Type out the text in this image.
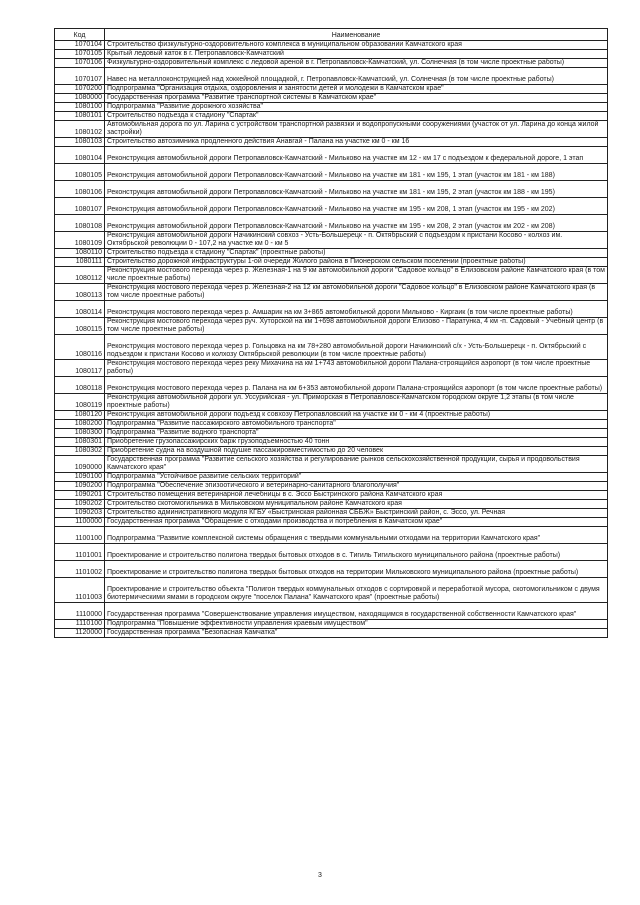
Код	Наименование
1070104	Строительство физкультурно-оздоровительного комплекса в муниципальном образовании Камчатского края
1070105	Крытый ледовый каток в г. Петропавловск-Камчатский
1070106	Физкультурно-оздоровительный комплекс с ледовой ареной в г. Петропавловск-Камчатский, ул. Солнечная (в том числе проектные работы)
1070107	Навес на металлоконструкцией над хоккейной площадкой, г. Петропавловск-Камчатский, ул. Солнечная (в том числе проектные работы)
1070200	Подпрограмма "Организация отдыха, оздоровления и занятости детей и молодежи в Камчатском крае"
1080000	Государственная программа "Развитие транспортной системы в Камчатском крае"
1080100	Подпрограмма "Развитие дорожного хозяйства"
1080101	Строительство подъезда к стадиону "Спартак"
1080102	Автомобильная дорога по ул. Ларина с устройством транспортной развязки и водопропускными сооружениями (участок от ул. Ларина до конца жилой застройки)
1080103	Строительство автозимника продленного действия Анавгай - Палана на участке км 0 - км 16
1080104	Реконструкция автомобильной дороги Петропавловск-Камчатский - Мильково на участке км 12 - км 17 с подъездом к федеральной дороге, 1 этап
1080105	Реконструкция автомобильной дороги Петропавловск-Камчатский - Мильково на участке км 181 - км 195, 1 этап (участок км 181 - км 188)
1080106	Реконструкция автомобильной дороги Петропавловск-Камчатский - Мильково на участке км 181 - км 195, 2 этап (участок км 188 - км 195)
1080107	Реконструкция автомобильной дороги Петропавловск-Камчатский - Мильково на участке км 195 - км 208, 1 этап (участок км 195 - км 202)
1080108	Реконструкция автомобильной дороги Петропавловск-Камчатский - Мильково на участке км 195 - км 208, 2 этап (участок км 202 - км 208)
1080109	Реконструкция автомобильной дороги Начикинский совхоз - Усть-Большерецк - п. Октябрьский с подъездом к пристани Косово - колхоз им. Октябрьской революции 0 - 107,2 на участке км 0 - км 5
1080110	Строительство подъезда к стадиону "Спартак" (проектные работы)
1080111	Строительство дорожной инфраструктуры 1-ой очереди Жилого района в Пионерском сельском поселении (проектные работы)
1080112	Реконструкция мостового перехода через р. Железная-1 на 9 км автомобильной дороги "Садовое кольцо" в Елизовском районе Камчатского края (в том числе проектные работы)
1080113	Реконструкция мостового перехода через р. Железная-2 на 12 км автомобильной дороги "Садовое кольцо" в Елизовском районе Камчатского края (в том числе проектные работы)
1080114	Реконструкция мостового перехода через р. Амшарик на км 3+865 автомобильной дороги Мильково - Киргаик (в том числе проектные работы)
1080115	Реконструкция мостового перехода через руч. Хуторской на км 1+698 автомобильной дороги Елизово - Паратунка, 4 км -п. Садовый - Учебный центр (в том числе проектные работы)
1080116	Реконструкция мостового перехода через р. Гольцовка на км 78+280 автомобильной дороги Начикинский с/х - Усть-Большерецк - п. Октябрьский с подъездом к пристани Косово и колхозу Октябрьской революции (в том числе проектные работы)
1080117	Реконструкция мостового перехода через реку Михачина на км 1+743 автомобильной дороги Палана-строящийся аэропорт (в том числе проектные работы)
1080118	Реконструкция мостового перехода через р. Палана на км 6+353 автомобильной дороги Палана-строящийся аэропорт (в том числе проектные работы)
1080119	Реконструкция автомобильной дороги ул. Уссурийская - ул. Приморская в Петропавловск-Камчатском городском округе 1,2 этапы (в том числе проектные работы)
1080120	Реконструкция автомобильной дороги подъезд к совхозу Петропавловский на участке км 0 - км 4 (проектные работы)
1080200	Подпрограмма "Развитие пассажирского автомобильного транспорта"
1080300	Подпрограмма "Развитие водного транспорта"
1080301	Приобретение грузопассажирских барж грузоподъемностью 40 тонн
1080302	Приобретение судна на воздушной подушке пассажировместимостью до 20 человек
1090000	Государственная программа "Развитие сельского хозяйства и регулирование рынков сельскохозяйственной продукции, сырья и продовольствия Камчатского края"
1090100	Подпрограмма "Устойчивое развитие сельских территорий"
1090200	Подпрограмма "Обеспечение эпизоотического и ветеринарно-санитарного благополучия"
1090201	Строительство помещения ветеринарной лечебницы в с. Эссо Быстринского района Камчатского края
1090202	Строительство скотомогильника в Мильковском муниципальном районе Камчатского края
1090203	Строительство административного модуля КГБУ «Быстринская районная СББЖ» Быстринский район, с. Эссо, ул. Речная
1100000	Государственная программа "Обращение с отходами производства и потребления в Камчатском крае"
1100100	Подпрограмма "Развитие комплексной системы обращения с твердыми коммунальными отходами на территории Камчатского края"
1101001	Проектирование и строительство полигона твердых бытовых отходов в с. Тигиль Тигильского муниципального района (проектные работы)
1101002	Проектирование и строительство полигона твердых бытовых отходов на территории Мильковского муниципального района (проектные работы)
1101003	Проектирование и строительство объекта "Полигон твердых коммунальных отходов с сортировкой и переработкой мусора, скотомогильником с двумя биотермическими ямами в городском округе "поселок Палана" Камчатского края" (проектные работы)
1110000	Государственная программа "Совершенствование управления имуществом, находящимся в государственной собственности Камчатского края"
1110100	Подпрограмма "Повышение эффективности управления краевым имуществом"
1120000	Государственная программа "Безопасная Камчатка"
3
